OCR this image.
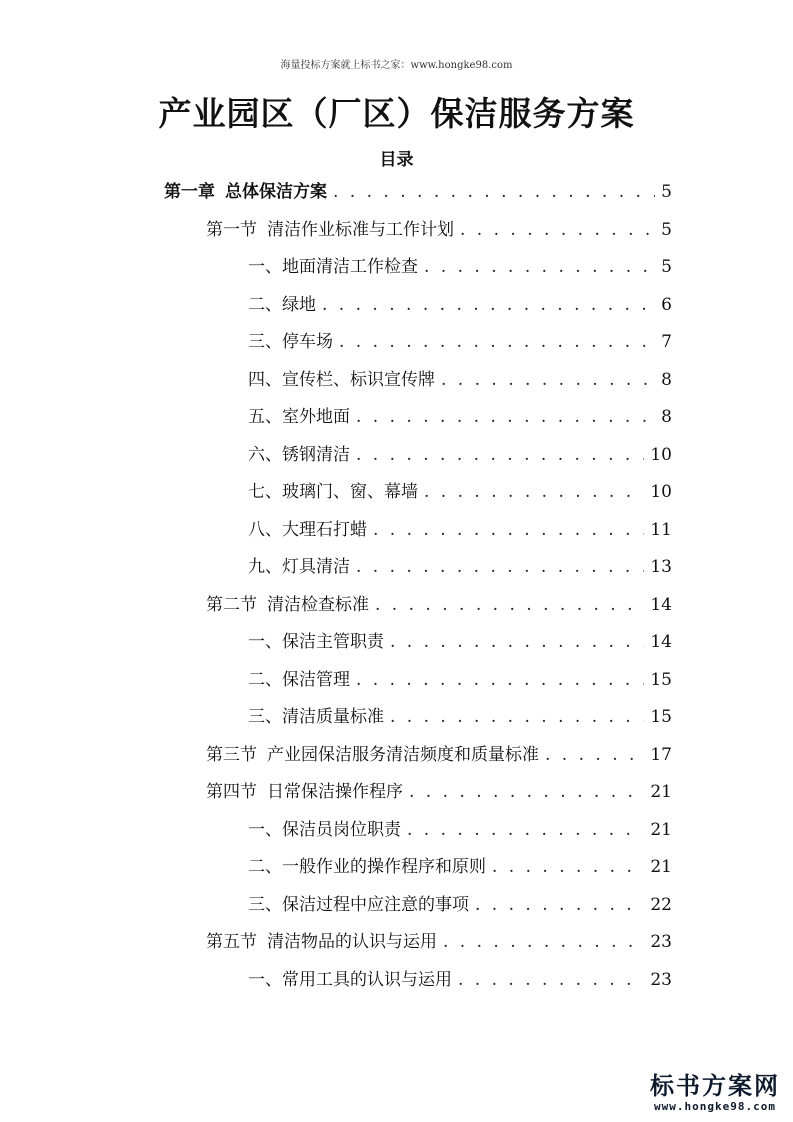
海量投标方案就上标书之家：www.hongke98.com
产业园区（厂区）保洁服务方案
目录
第一章 总体保洁方案 . . .	5
第一节 清洁作业标准与工作计划 . . .	5
一、地面清洁工作检查 . . .	5
二、绿地 . . .	6
三、停车场 . . .	7
四、宣传栏、标识宣传牌 . . .	8
五、室外地面 . . .	8
六、锈钢清洁 . . .	10
七、玻璃门、窗、幕墙 . . .	10
八、大理石打蜡 . . .	11
九、灯具清洁 . . .	13
第二节 清洁检查标准 . . .	14
一、保洁主管职责 . . .	14
二、保洁管理 . . .	15
三、清洁质量标准 . . .	15
第三节 产业园保洁服务清洁频度和质量标准 . . .	17
第四节 日常保洁操作程序 . . .	21
一、保洁员岗位职责 . . .	21
二、一般作业的操作程序和原则 . . .	21
三、保洁过程中应注意的事项 . . .	22
第五节 清洁物品的认识与运用 . . .	23
一、常用工具的认识与运用 . . .	23
标书方案网
www.hongke98.com
